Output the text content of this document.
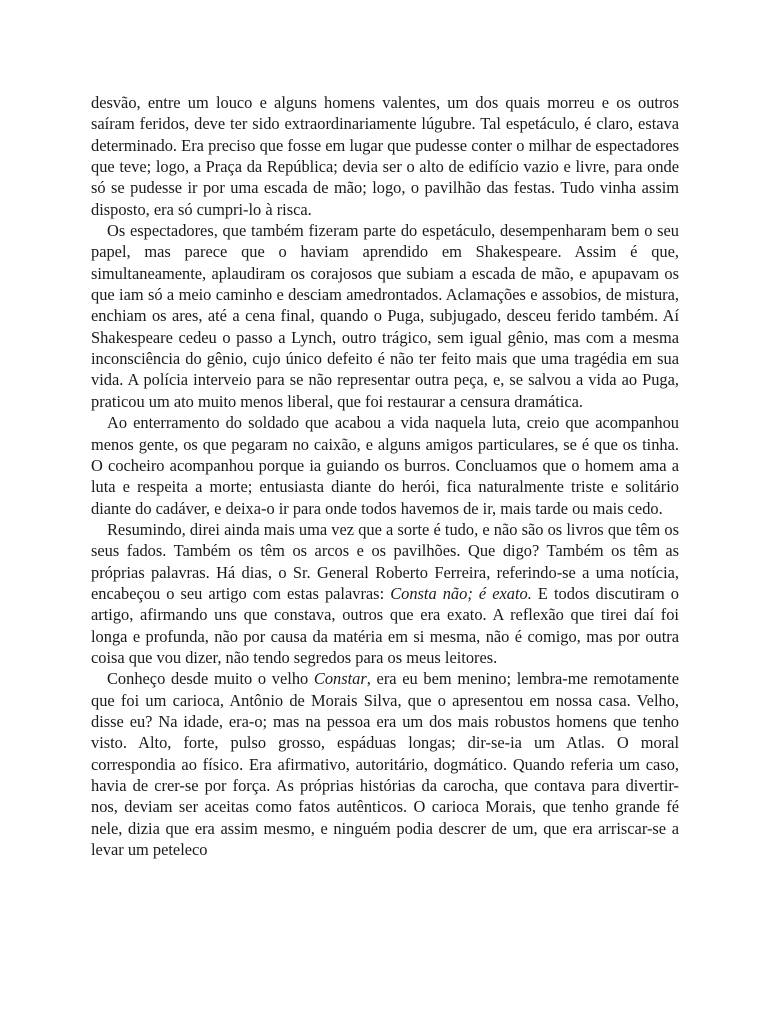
desvão, entre um louco e alguns homens valentes, um dos quais morreu e os outros saíram feridos, deve ter sido extraordinariamente lúgubre. Tal espetáculo, é claro, estava determinado. Era preciso que fosse em lugar que pudesse conter o milhar de espectadores que teve; logo, a Praça da República; devia ser o alto de edifício vazio e livre, para onde só se pudesse ir por uma escada de mão; logo, o pavilhão das festas. Tudo vinha assim disposto, era só cumpri-lo à risca.

Os espectadores, que também fizeram parte do espetáculo, desempenharam bem o seu papel, mas parece que o haviam aprendido em Shakespeare. Assim é que, simultaneamente, aplaudiram os corajosos que subiam a escada de mão, e apupavam os que iam só a meio caminho e desciam amedrontados. Aclamações e assobios, de mistura, enchiam os ares, até a cena final, quando o Puga, subjugado, desceu ferido também. Aí Shakespeare cedeu o passo a Lynch, outro trágico, sem igual gênio, mas com a mesma inconsciência do gênio, cujo único defeito é não ter feito mais que uma tragédia em sua vida. A polícia interveio para se não representar outra peça, e, se salvou a vida ao Puga, praticou um ato muito menos liberal, que foi restaurar a censura dramática.

Ao enterramento do soldado que acabou a vida naquela luta, creio que acompanhou menos gente, os que pegaram no caixão, e alguns amigos particulares, se é que os tinha. O cocheiro acompanhou porque ia guiando os burros. Concluamos que o homem ama a luta e respeita a morte; entusiasta diante do herói, fica naturalmente triste e solitário diante do cadáver, e deixa-o ir para onde todos havemos de ir, mais tarde ou mais cedo.

Resumindo, direi ainda mais uma vez que a sorte é tudo, e não são os livros que têm os seus fados. Também os têm os arcos e os pavilhões. Que digo? Também os têm as próprias palavras. Há dias, o Sr. General Roberto Ferreira, referindo-se a uma notícia, encabeçou o seu artigo com estas palavras: Consta não; é exato. E todos discutiram o artigo, afirmando uns que constava, outros que era exato. A reflexão que tirei daí foi longa e profunda, não por causa da matéria em si mesma, não é comigo, mas por outra coisa que vou dizer, não tendo segredos para os meus leitores.

Conheço desde muito o velho Constar, era eu bem menino; lembra-me remotamente que foi um carioca, Antônio de Morais Silva, que o apresentou em nossa casa. Velho, disse eu? Na idade, era-o; mas na pessoa era um dos mais robustos homens que tenho visto. Alto, forte, pulso grosso, espáduas longas; dir-se-ia um Atlas. O moral correspondia ao físico. Era afirmativo, autoritário, dogmático. Quando referia um caso, havia de crer-se por força. As próprias histórias da carocha, que contava para divertir-nos, deviam ser aceitas como fatos autênticos. O carioca Morais, que tenho grande fé nele, dizia que era assim mesmo, e ninguém podia descrer de um, que era arriscar-se a levar um peteleco
